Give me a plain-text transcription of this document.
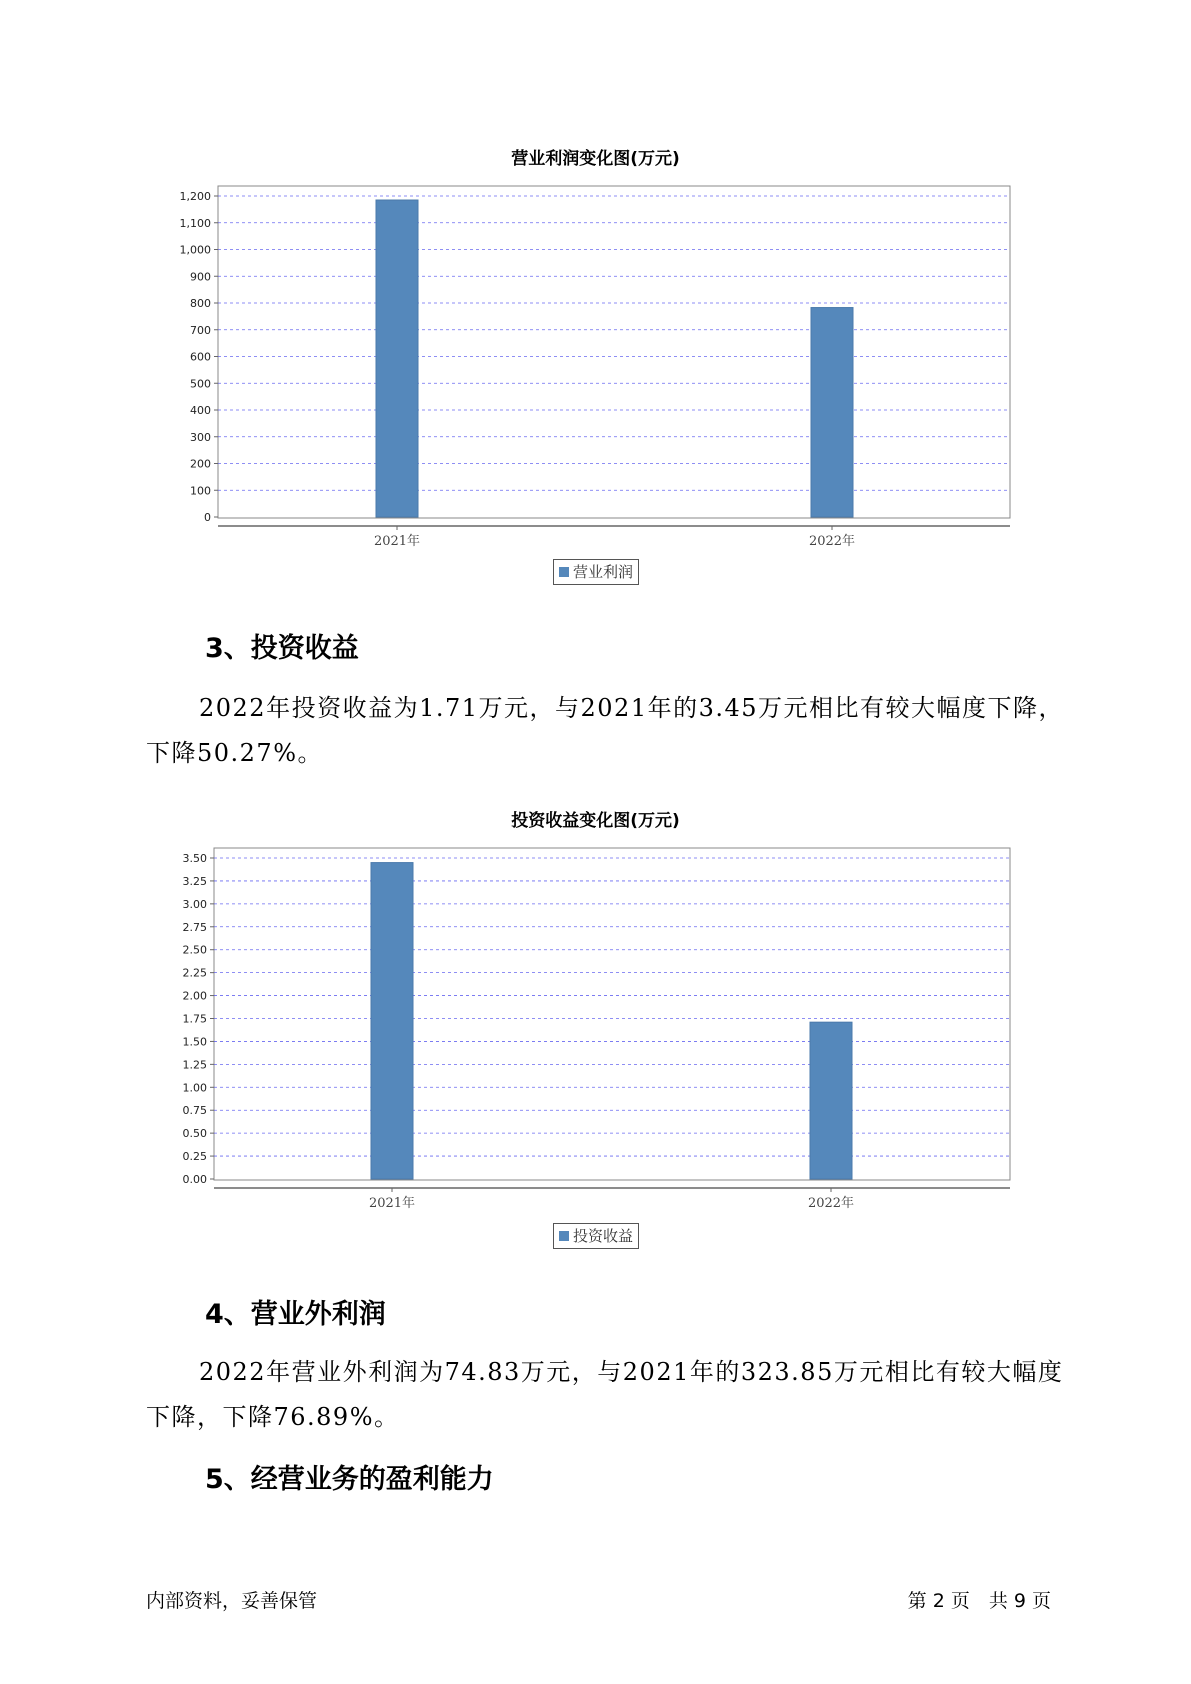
营业利润变化图(万元)
0
100
200
300
400
500
600
700
800
900
1,000
1,100
1,200
2021年	2022年
营业利润
3、投资收益
2022年投资收益为1.71万元，与2021年的3.45万元相比有较大幅度下降，下降50.27%。
投资收益变化图(万元)
0.00
0.25
0.50
0.75
1.00
1.25
1.50
1.75
2.00
2.25
2.50
2.75
3.00
3.25
3.50
2021年	2022年
投资收益
4、营业外利润
2022年营业外利润为74.83万元，与2021年的323.85万元相比有较大幅度下降，下降76.89%。
5、经营业务的盈利能力
内部资料，妥善保管	第 2 页　共 9 页
